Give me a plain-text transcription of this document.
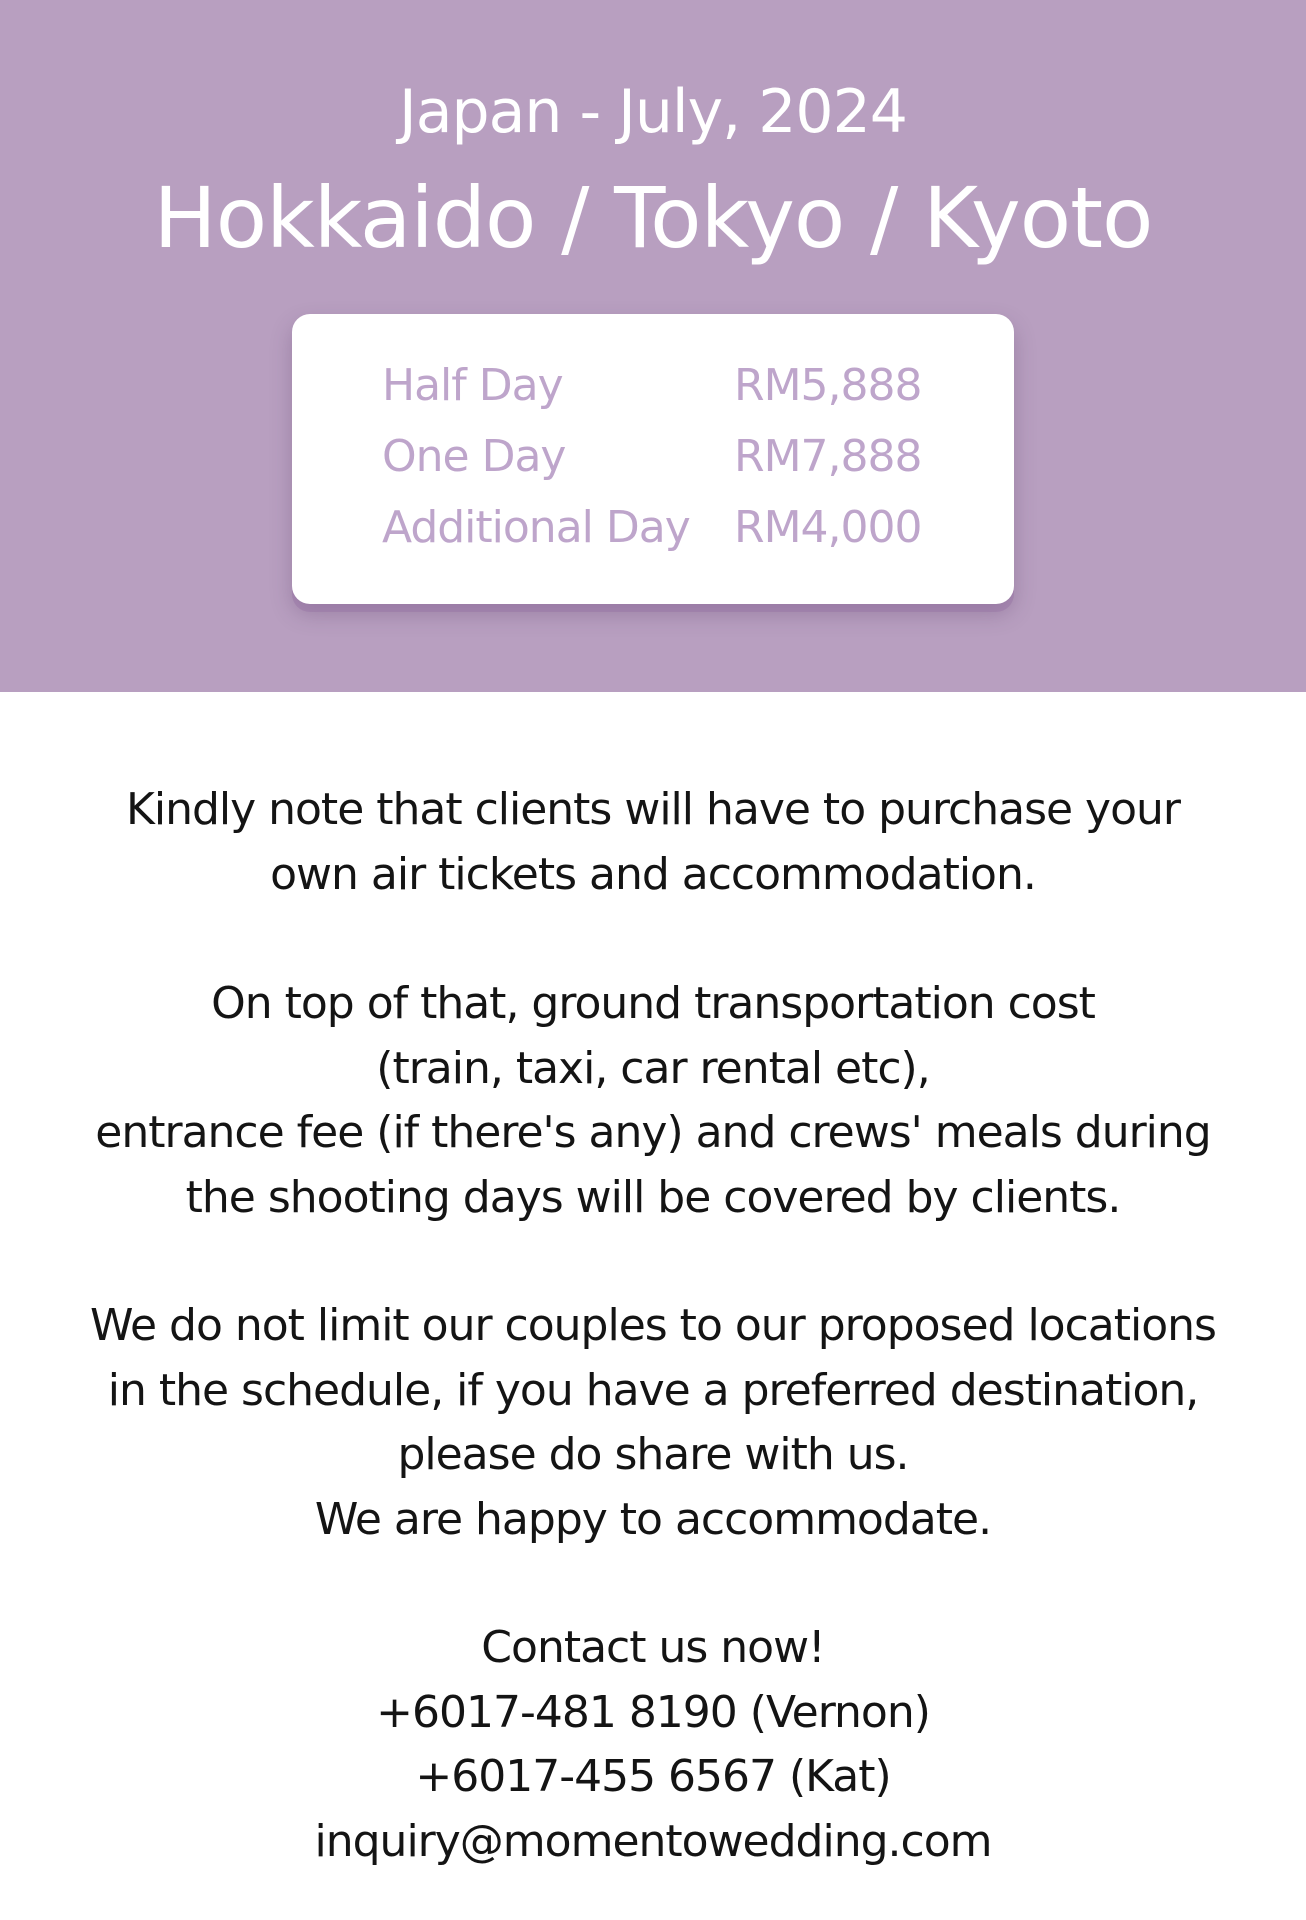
Japan - July, 2024
Hokkaido / Tokyo / Kyoto
Half Day	RM5,888
One Day	RM7,888
Additional Day RM4,000
Kindly note that clients will have to purchase your
own air tickets and accommodation.
On top of that, ground transportation cost
(train, taxi, car rental etc),
entrance fee (if there's any) and crews' meals during
the shooting days will be covered by clients.
We do not limit our couples to our proposed locations
in the schedule, if you have a preferred destination,
please do share with us.
We are happy to accommodate.
Contact us now!
+6017-481 8190 (Vernon)
+6017-455 6567 (Kat)
inquiry@momentowedding.com
